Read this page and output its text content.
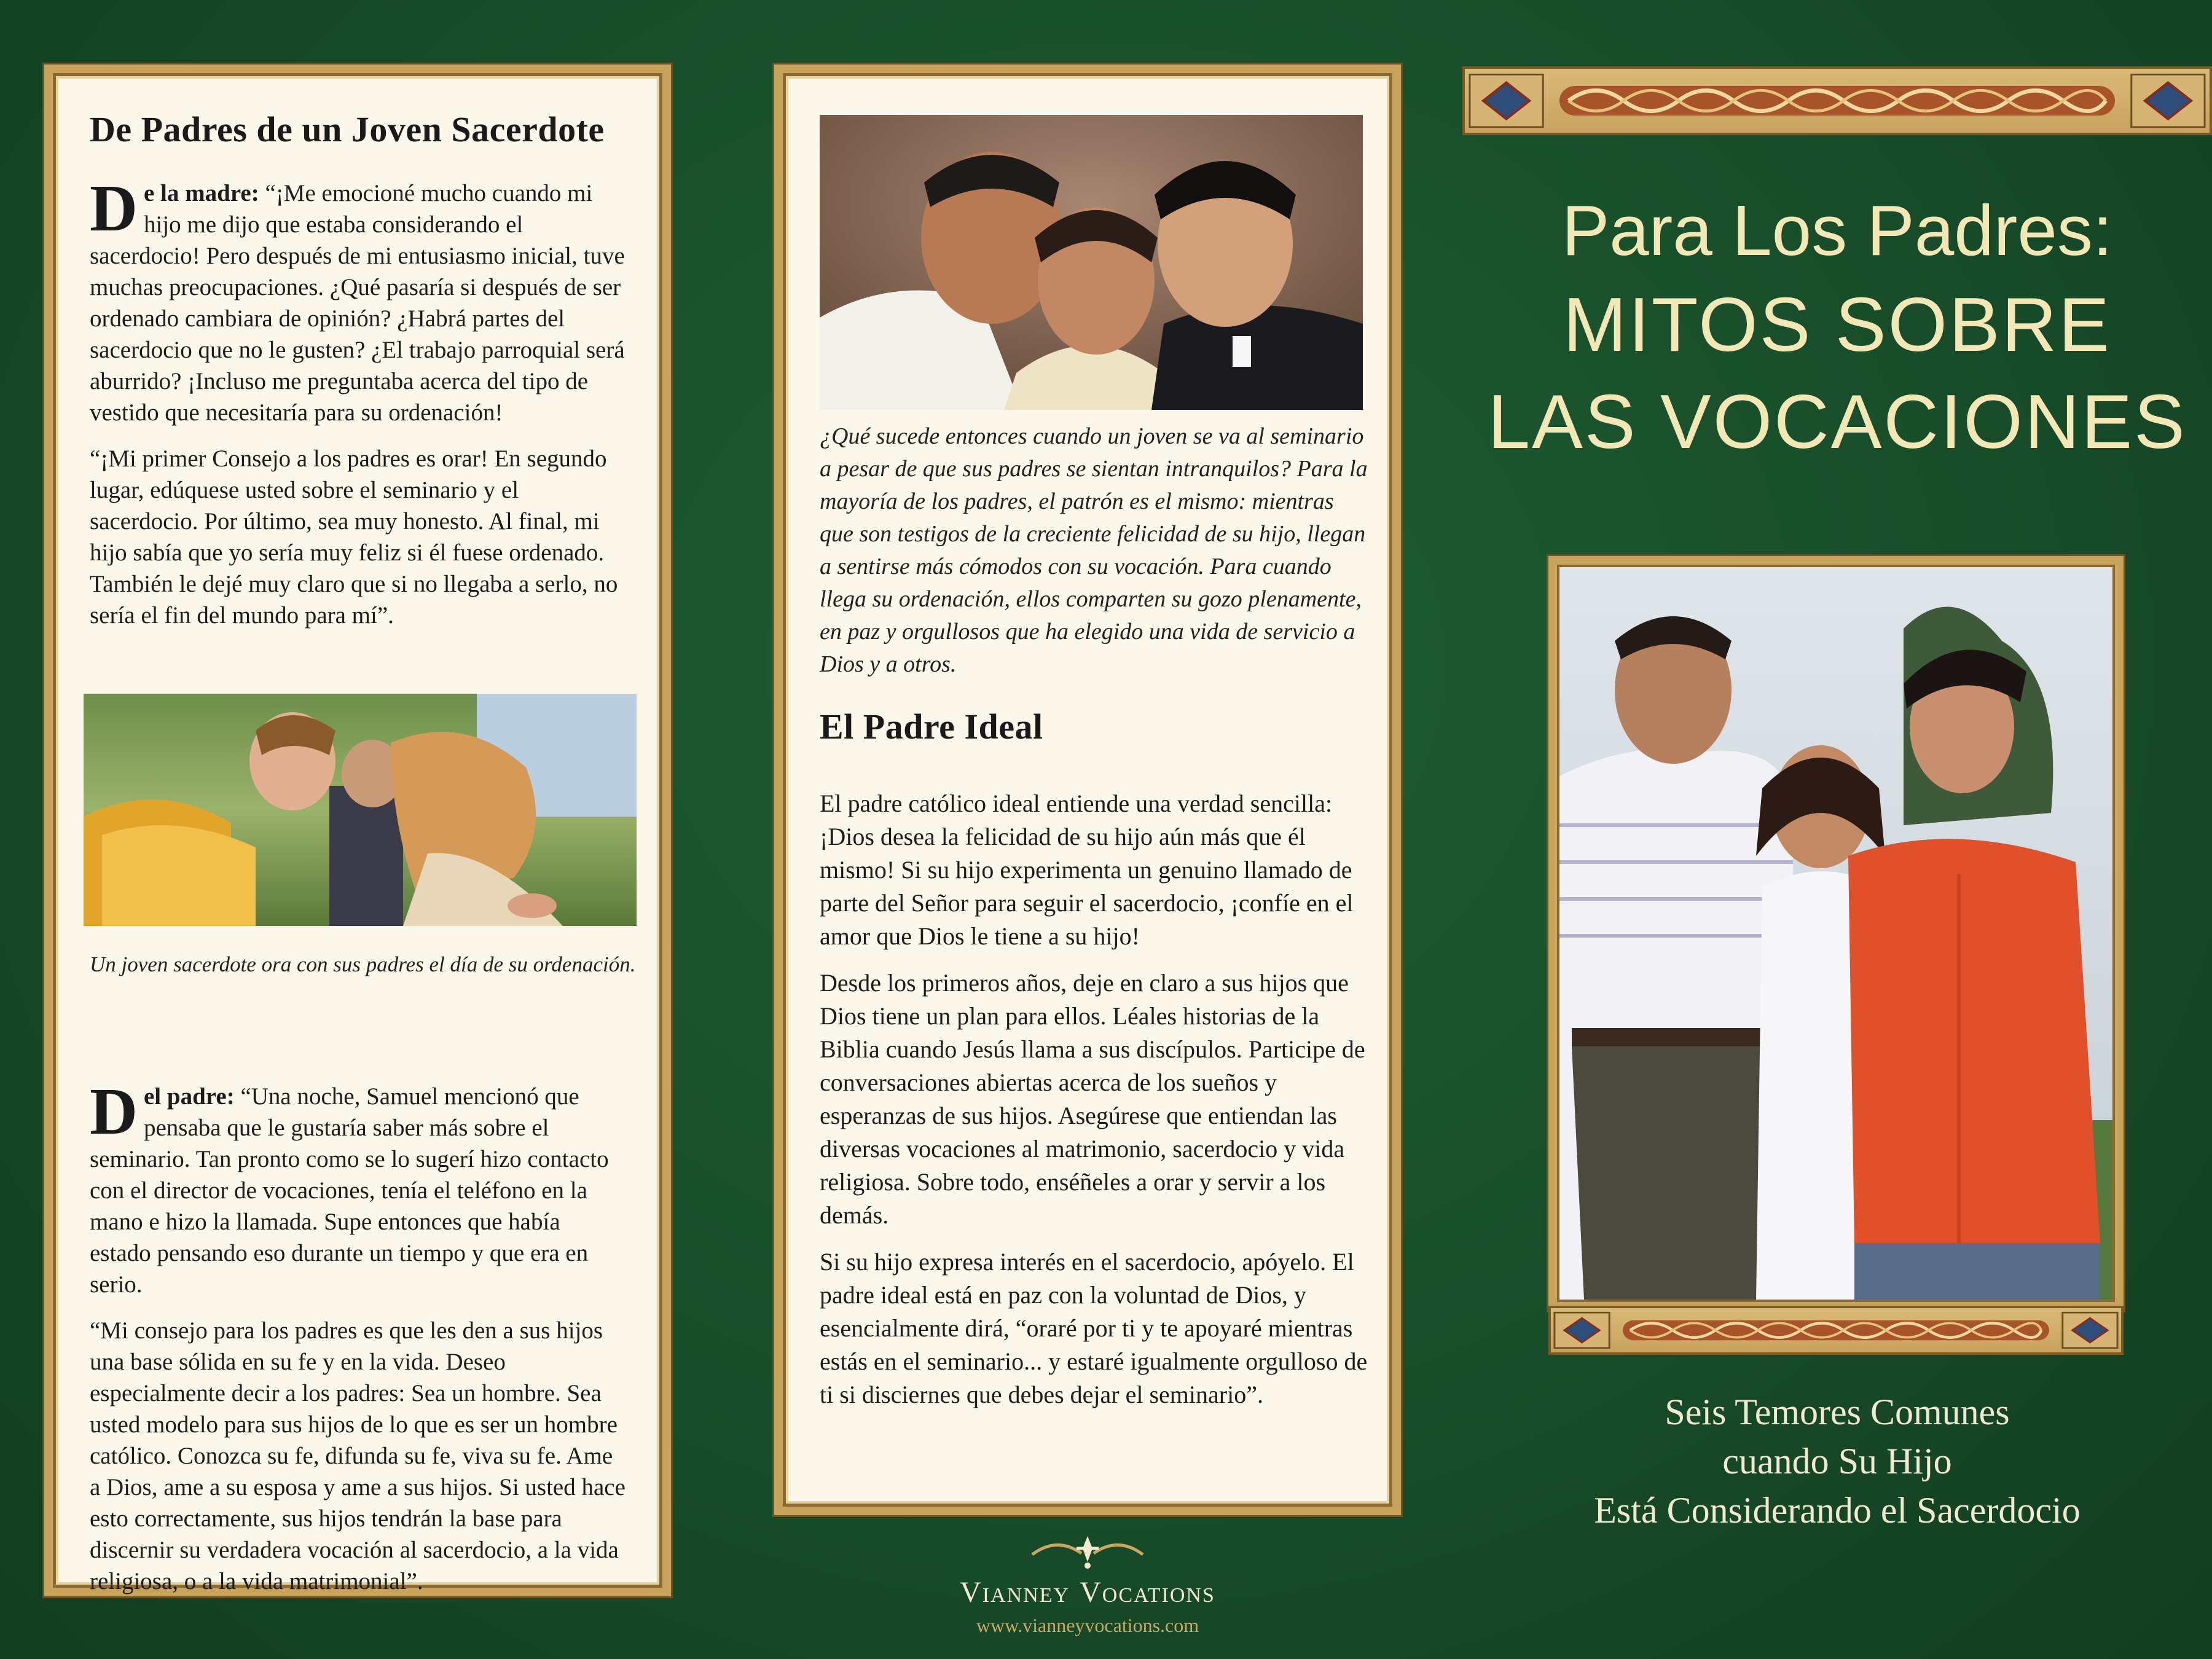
De Padres de un Joven Sacerdote

De la madre: “¡Me emocioné mucho cuando mi hijo me dijo que estaba considerando el sacerdocio! Pero después de mi entusiasmo inicial, tuve muchas preocupaciones. ¿Qué pasaría si después de ser ordenado cambiara de opinión? ¿Habrá partes del sacerdocio que no le gusten? ¿El trabajo parroquial será aburrido? ¡Incluso me preguntaba acerca del tipo de vestido que necesitaría para su ordenación!

“¡Mi primer Consejo a los padres es orar! En segundo lugar, edúquese usted sobre el seminario y el sacerdocio. Por último, sea muy honesto. Al final, mi hijo sabía que yo sería muy feliz si él fuese ordenado. También le dejé muy claro que si no llegaba a serlo, no sería el fin del mundo para mí”.

Un joven sacerdote ora con sus padres el día de su ordenación.

Del padre: “Una noche, Samuel mencionó que pensaba que le gustaría saber más sobre el seminario. Tan pronto como se lo sugerí hizo contacto con el director de vocaciones, tenía el teléfono en la mano e hizo la llamada. Supe entonces que había estado pensando eso durante un tiempo y que era en serio.

“Mi consejo para los padres es que les den a sus hijos una base sólida en su fe y en la vida. Deseo especialmente decir a los padres: Sea un hombre. Sea usted modelo para sus hijos de lo que es ser un hombre católico. Conozca su fe, difunda su fe, viva su fe. Ame a Dios, ame a su esposa y ame a sus hijos. Si usted hace esto correctamente, sus hijos tendrán la base para discernir su verdadera vocación al sacerdocio, a la vida religiosa, o a la vida matrimonial”.

¿Qué sucede entonces cuando un joven se va al seminario a pesar de que sus padres se sientan intranquilos? Para la mayoría de los padres, el patrón es el mismo: mientras que son testigos de la creciente felicidad de su hijo, llegan a sentirse más cómodos con su vocación. Para cuando llega su ordenación, ellos comparten su gozo plenamente, en paz y orgullosos que ha elegido una vida de servicio a Dios y a otros.

El Padre Ideal

El padre católico ideal entiende una verdad sencilla: ¡Dios desea la felicidad de su hijo aún más que él mismo! Si su hijo experimenta un genuino llamado de parte del Señor para seguir el sacerdocio, ¡confíe en el amor que Dios le tiene a su hijo!

Desde los primeros años, deje en claro a sus hijos que Dios tiene un plan para ellos. Léales historias de la Biblia cuando Jesús llama a sus discípulos. Participe de conversaciones abiertas acerca de los sueños y esperanzas de sus hijos. Asegúrese que entiendan las diversas vocaciones al matrimonio, sacerdocio y vida religiosa. Sobre todo, enséñeles a orar y servir a los demás.

Si su hijo expresa interés en el sacerdocio, apóyelo. El padre ideal está en paz con la voluntad de Dios, y esencialmente dirá, “oraré por ti y te apoyaré mientras estás en el seminario... y estaré igualmente orgulloso de ti si disciernes que debes dejar el seminario”.

VIANNEY VOCATIONS
www.vianneyvocations.com
Para Los Padres:
MITOS SOBRE
LAS VOCACIONES
Seis Temores Comunes
cuando Su Hijo
Está Considerando el Sacerdocio
